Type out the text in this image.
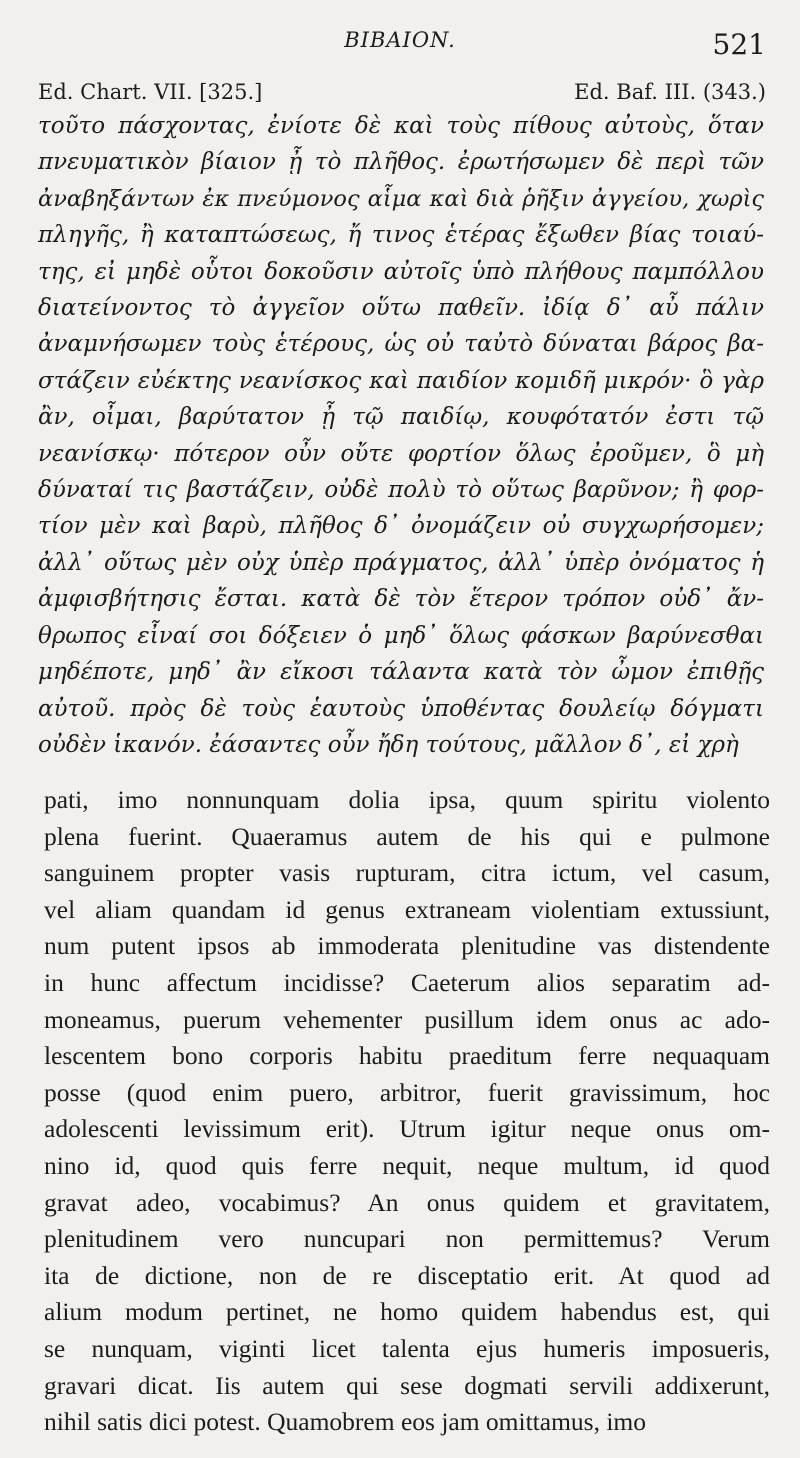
BIBAION.	521
Ed. Chart. VII. [325.]	Ed. Baf. III. (343.)
τοῦτο πάσχοντας, ἐνίοτε δὲ καὶ τοὺς πίθους αὐτοὺς, ὅταν
πνευματικὸν βίαιον ᾖ τὸ πλῆθος. ἐρωτήσωμεν δὲ περὶ τῶν
ἀναβηξάντων ἐκ πνεύμονος αἷμα καὶ διὰ ῥῆξιν ἀγγείου, χωρὶς
πληγῆς, ἢ καταπτώσεως, ἤ τινος ἑτέρας ἔξωθεν βίας τοιαύ-
της, εἰ μηδὲ οὗτοι δοκοῦσιν αὐτοῖς ὑπὸ πλήθους παμπόλλου
διατείνοντος τὸ ἀγγεῖον οὕτω παθεῖν. ἰδίᾳ δ᾽ αὖ πάλιν
ἀναμνήσωμεν τοὺς ἑτέρους, ὡς οὐ ταὐτὸ δύναται βάρος βα-
στάζειν εὐέκτης νεανίσκος καὶ παιδίον κομιδῆ μικρόν· ὃ γὰρ
ἂν, οἶμαι, βαρύτατον ᾖ τῷ παιδίῳ, κουφότατόν ἐστι τῷ
νεανίσκῳ· πότερον οὖν οὔτε φορτίον ὅλως ἐροῦμεν, ὃ μὴ
δύναταί τις βαστάζειν, οὐδὲ πολὺ τὸ οὕτως βαρῦνον; ἢ φορ-
τίον μὲν καὶ βαρὺ, πλῆθος δ᾽ ὀνομάζειν οὐ συγχωρήσομεν;
ἀλλ᾽ οὕτως μὲν οὐχ ὑπὲρ πράγματος, ἀλλ᾽ ὑπὲρ ὀνόματος ἡ
ἀμφισβήτησις ἔσται. κατὰ δὲ τὸν ἕτερον τρόπον οὐδ᾽ ἄν-
θρωπος εἶναί σοι δόξειεν ὁ μηδ᾽ ὅλως φάσκων βαρύνεσθαι
μηδέποτε, μηδ᾽ ἂν εἴκοσι τάλαντα κατὰ τὸν ὦμον ἐπιθῇς
αὐτοῦ. πρὸς δὲ τοὺς ἑαυτοὺς ὑποθέντας δουλείῳ δόγματι
οὐδὲν ἱκανόν. ἐάσαντες οὖν ἤδη τούτους, μᾶλλον δ᾽, εἰ χρὴ
pati, imo nonnunquam dolia ipsa, quum spiritu violento
plena fuerint. Quaeramus autem de his qui e pulmone
sanguinem propter vasis rupturam, citra ictum, vel casum,
vel aliam quandam id genus extraneam violentiam extussiunt,
num putent ipsos ab immoderata plenitudine vas distendente
in hunc affectum incidisse? Caeterum alios separatim ad-
moneamus, puerum vehementer pusillum idem onus ac ado-
lescentem bono corporis habitu praeditum ferre nequaquam
posse (quod enim puero, arbitror, fuerit gravissimum, hoc
adolescenti levissimum erit). Utrum igitur neque onus om-
nino id, quod quis ferre nequit, neque multum, id quod
gravat adeo, vocabimus? An onus quidem et gravitatem,
plenitudinem vero nuncupari non permittemus? Verum
ita de dictione, non de re disceptatio erit. At quod ad
alium modum pertinet, ne homo quidem habendus est, qui
se nunquam, viginti licet talenta ejus humeris imposueris,
gravari dicat. Iis autem qui sese dogmati servili addixerunt,
nihil satis dici potest. Quamobrem eos jam omittamus, imo
